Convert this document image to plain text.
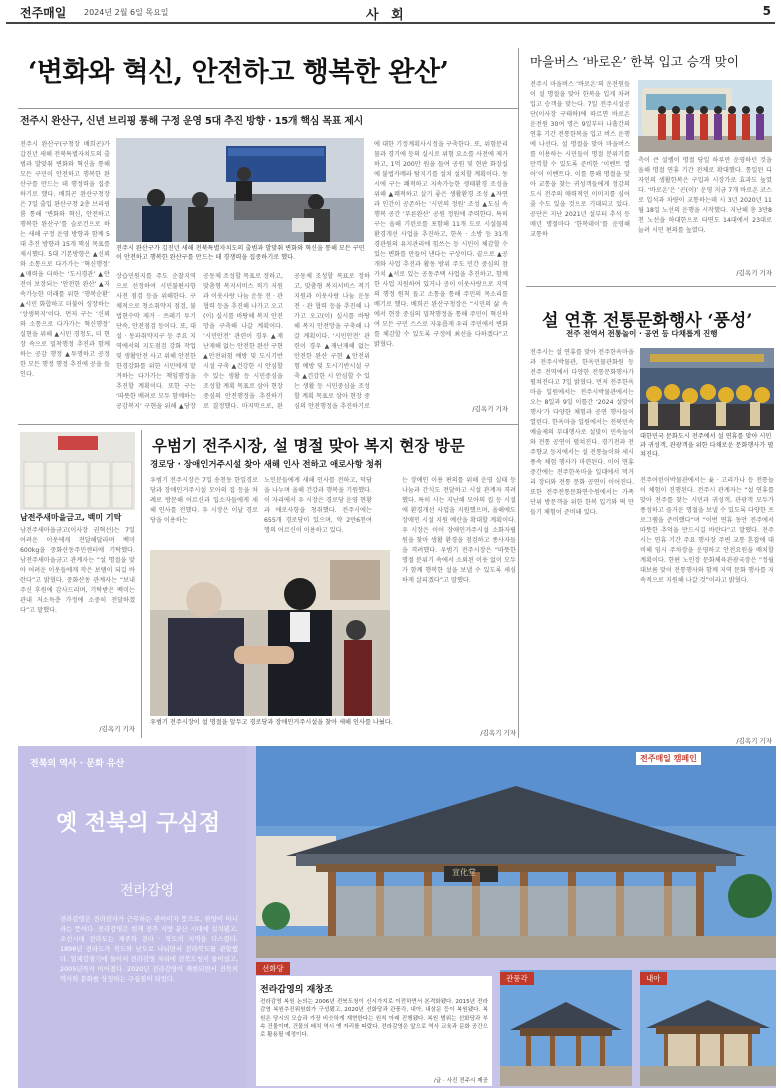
전주매일 2024년 2월 6일 목요일	사 회	5
‘변화와 혁신, 안전하고 행복한 완산’
전주시 완산구, 신년 브리핑 통해 구정 운영 5대 추진 방향 · 15개 핵심 목표 제시
전주시 완산구가 김진년 새해 전북특별자치도의 출범과 발맞춰 변화와 혁신을 통해 모든 구민이 안전하고 행복한 완산구를 만드는 데 경쟁력을 집중하기로 했다.

전주시 완산구(구청장 배희곤)가 갑진년 새해 전북특별자치도의 출범과 발맞춰 변화와 혁신을 통해 모든 구민이 안전하고 행복한 완산구를 만드는 데 행정력을 집중하기로 했다. 배희곤 완산구청장은 7일 출입 완산구청 2층 브리핑룸 통해 ‘변화와 혁신, 안전하고 행복한 완산구’를 슬로건으로 하는 새해 구정 운영 방향과 함께 5대 추진 방향과 15개 핵심 목표를 제시했다. 5대 기본방향은 ▲신뢰와 소통으로 다가가는 ‘혁신행정’ ▲매력을 더하는 ‘도시경관’ ▲안전이 보장되는 ‘안전한 완산’ ▲지속가능한 미래를 위한 ‘행복순환’ ▲시민 화합하고 더불어 성장하는 ‘상생복지’이다. 먼저 구는 ‘신뢰와 소통으로 다가가는 혁신행정’ 실현을 위해 ▲시민 경청도, 더 현장 속으로 밀착행정 추진과 함께하는 공감 행정 ▲투명하고 공정한 모든 행정 행정 추진에 공을 들인다.

상습민원지를 주도 순찰지역으로 선정하여 시민불편사항 사전 점검 등을 위해한다. 구체적으로 청소취약지 점검, 불법현수막 제거 · 쓰레기 투기 단속, 안전점검 등이다. 또, 대설 · 동파취약지구 등 주요 지역에서의 지도점검 강화 작업 및 생활안전 사고 위해 안전한 한경강화를 위한 시민에게 맡겨하는 다가가는 책임행정을 추진할 계획이다. 또한 구는 ‘따뜻한 배려로 모두 함께하는 공감복지’ 구현을 위해 ▲당장

공동체 조성할 목표로 정하고, 맞춤형 복지서비스 적기 지원과 이웃사랑 나눔 운동 전 · 관 협력 등을 추진해 나가고 오고(이) 실시를 바탕해 복지 안전망을 구축해 나갈 계획이다. ‘시민안전’ 관련이 경우 ▲재난재해 없는 안전한 완산 구현 ▲안전위험 예방 및 도시기반시설 구축 ▲건강한 시 안심할 수 있는 생활 등 시민중심을 조성할 계획 목표로 삼아 현장 중심의 안전행정을 추진하기로 결정했다. 마지막으로, 완

공동체 조성할 목표로 정하고, 맞춤형 복지서비스 적기 지원과 이웃사랑 나눔 운동 전 · 관 협력 등을 추진해 나가고 오고(이) 실시를 바탕해 복지 안전망을 구축해 나갈 계획이다. ‘시민안전’ 관련이 경우 ▲재난재해 없는 안전한 완산 구현 ▲안전위험 예방 및 도시기반시설 구축 ▲건강한 시 안심할 수 있는 생활 등 시민중심을 조성할 계획 목표로 삼아 현장 중심의 안전행정을 추진하기로

에 대한 기정계획사시정을 구축한다. 또, 위험분리물과 경기에 등의 실시로 위험 요소를 사전에 제거하고, 1억 200만 원을 들여 공원 및 현판 화장실에 불법카메라 탐지기를 설치 설치할 계획이다. 동시에 구는 쾌적하고 지속가능한 생태환경 조성을 위해 ▲쾌적하고 살기 좋은 생활환경 조성 ▲자연과 인간이 공존하는 ‘시민의 정원’ 조성 ▲도심 속 행복 공간 ‘푸른완산’ 공원 정원에 주력한다. 특히 구는 올해 기린로를 포함해 11개 도로 시설물의 환경개선 사업을 추진하고, 한옥 · 소방 등 31개 경관원의 유지관리에 힘쓰는 등 시민이 체감할 수 있는 변화를 만들어 낸다는 구상이다. 끝으로 ▲공개와 사업 추진과 활동 방위 주도 민간 중심의 참 가치 ▲서로 있는 공동주택 사업을 추진하고, 함께 한 사업 지원하여 있거나 공이 이웃사랑으로 지역의 행정 원칙 돕고 소통을 통해 주민의 목소리를 배기로 했다. 배희곤 완산구청장은 “시민의 삶 속에서 현장 중심의 밀착행정을 통해 주민이 혁신하여 모든 구민 스스로 자유롭게 우리 주민에서 변화를 체감할 수 있도록 구정에 최선을 다하겠다”고 밝혔다.

/김옥기 기자
마을버스 ‘바로온’ 한복 입고 승객 맞이

전주시 마을버스 ‘바로온’의 운전원들이 설 명절을 맞아 한복을 입게 차려입고 승객을 맞는다. 7일 전주시설공단(이사장 구태하)에 따르면 바로온 운전원 30여 명은 9일부터 나흘간의 연휴 기간 전통한복을 입고 버스 운행에 나선다. 설 명절을 맞아 마을버스를 이용하는 시민들이 명절 분위기를 만끽할 수 있도록 준비한 ‘이벤트 열어’이 이벤트다. 이를 통해 명절을 맞아 교통을 찾는 귀성객들에게 정감의 도시 전주의 매력적인 이미지를 심어줄 수도 있을 것으로 기대되고 있다. 공단은 지난 2021년 설부터 추석 등 매년 명절마다 ‘한복데이’를 운영해 교통하

측이 큰 설렘이 명절 당일 하루만 운영하던 것을 올해 명절 연휴 기간 전체로 확대했다. 통일된 디자인의 생활한복은 구입과 시장가로 효과도 높였다. ‘바로온’은 ‘곤(이)’ 운영 지금 7개 바로온 코스로 입석과 차량이 교통하는데 시 3년 2020년 11월 18일 노선의 운행을 시작했다. 지난해 총 3만8천 노선을 하대한으로 타면도 14대에서 23대로 늘려 시민 편의를 높였다.

/김옥기 기자
설 연휴 전통문화행사 ‘풍성’
전주 전역서 전통놀이 · 공연 등 다채롭게 진행

전주시는 설 연휴를 맞아 전주한옥마을과 전주시박물관, 한옥민물관화원 등 전주 전역에서 다양한 전통문화행사가 펼쳐진다고 7일 밝혔다. 먼저 전주한옥마을 일원에서는 전주시박물관에서는 오는 8일과 9일 이틀간 ‘2024 설맞이 행사’가 다양한 체험과 공연 행사들이 열린다. 한옥마을 일원에서는 전북민속예술제의 부대행사로 설맞이 민속놀이와 전통 공연이 펼쳐진다. 경기전과 전주향교 등지에서는 설 전통놀이와 세시풍속 체험 행사가 마련된다. 이어 연휴 중간에는 전주한옥마을 일대에서 먹거리 장터와 전통 문화 공연이 이어진다. 또한 전주전통문화연수원에서는 가족 단위 방문객을 위한 한복 입기와 떡 만들기 체험이 준비돼 있다.

대한민국 문화도시 전주에서 설 연휴를 맞아 시민과 귀성객, 관광객을 위한 다채로운 문화행사가 펼쳐진다.

전주어린이박물관에서는 윷 · 고리가나 등 전통놀이 체험이 진행된다. 전주시 관계자는 “설 연휴를 맞아 전주를 찾는 시민과 귀성객, 관광객 모두가 풍성하고 즐거운 명절을 보낼 수 있도록 다양한 프로그램을 준비했다”며 “이번 연휴 동안 전주에서 따뜻한 추억을 만드시길 바란다”고 말했다. 전주시는 연휴 기간 주요 행사장 주변 교통 혼잡에 대비해 임시 주차장을 운영하고 안전요원을 배치할 계획이다. 한편 노인장 문화체육관광국장은 “정월 대보름 맞이 전통행사와 함께 지역 문화 행사를 지속적으로 지원해 나갈 것”이라고 밝혔다.

/김옥기 기자
남전주새마을금고, 백미 기탁

남전주새마을금고(이사장 권혁선)는 7일 어려운 이웃에게 전달해달라며 백미 600kg을 중화산동주민센터에 기탁했다. 남전주새마을금고 관계자는 “설 명절을 맞아 어려운 이웃들에게 작은 보탬이 되길 바란다”고 밝혔다. 중화산동 관계자는 “보내주신 후원에 감사드리며, 기탁받은 백미는 관내 저소득층 가정에 소중히 전달하겠다”고 말했다.

/김옥기 기자
우범기 전주시장, 설 명절 맞아 복지 현장 방문
경로당 · 장애인거주시설 찾아 새해 인사 전하고 애로사항 청취

우범기 전주시장은 7일 송천동 한일경로당과 장애인거주시설 모아의 집 등을 차례로 방문해 어르신과 입소자들에게 새해 인사를 전했다. 우 시장은 이날 경로당을 이용하는

노인분들에게 새해 인사를 전하고, 덕담을 나누며 올해 건강과 행복을 기원했다. 이 자리에서 우 시장은 경로당 운영 현황과 애로사항을 청취했다. 전주시에는 655개 경로당이 있으며, 약 2만6천여 명의 어르신이 이용하고 있다.

우범기 전주시장이 설 명절을 앞두고 경로당과 장애인거주시설을 찾아 새해 인사를 나눴다.

는 장애인 이용 편의를 위해 운영 실태 등 나눔과 간식도 전달하고 시설 관계자 격려했다. 특히 시는 지난해 모아의 집 등 시설에 환경개선 사업을 지원했으며, 올해에도 장애인 시설 지원 예산을 확대할 계획이다. 우 시장은 이어 장애인거주시설 소화자립원을 찾아 생활 환경을 점검하고 종사자들을 격려했다. 우범기 전주시장은 “따뜻한 명절 분위기 속에서 소외된 이웃 없이 모두가 함께 행복한 설을 보낼 수 있도록 세심하게 살피겠다”고 말했다.

/김옥기 기자
전북의 역사 · 문화 유산
옛 전북의 구심점
전라감영

전라감영은 전라감사가 근무하는 관아이자 뜻으로, 한양이 아니라는 뜻이다. 전라감영은 현재 전주 지방 분산 시대에 설치됐고, 조선시대 전라도는 제주와 전라 · 북도의 지역을 다스렸다. 1896년 전라도가 북도와 남도로 나뉘면서 전라북도를 관할했다. 일제강점기에 들어서 전라감영 자리에 전북도청이 들어섰고, 2005년까지 이어졌다. 2020년 전라감영이 재현되면서 전북의 역사와 문화를 상징하는 구심점이 되었다.

宣化堂
전주매일 캠페인
선화당
전라감영의 재창조

전라감영 복원 논의는 2006년 전북도청이 신시가지로 이전하면서 본격화됐다. 2015년 전라감영 복원추진위원회가 구성됐고, 2020년 선화당과 관풍각, 내아, 내삼문 등이 복원됐다. 복원은 당시의 모습과 가장 비슷하게 재현한다는 원칙 아래 진행됐다. 복원 범위는 선화당과 부속 건물이며, 건물의 배치 역시 옛 자리를 따랐다. 전라감영은 앞으로 역사 교육과 문화 공간으로 활용될 예정이다.

/글 · 사진 전주시 제공
관풍각	내아
